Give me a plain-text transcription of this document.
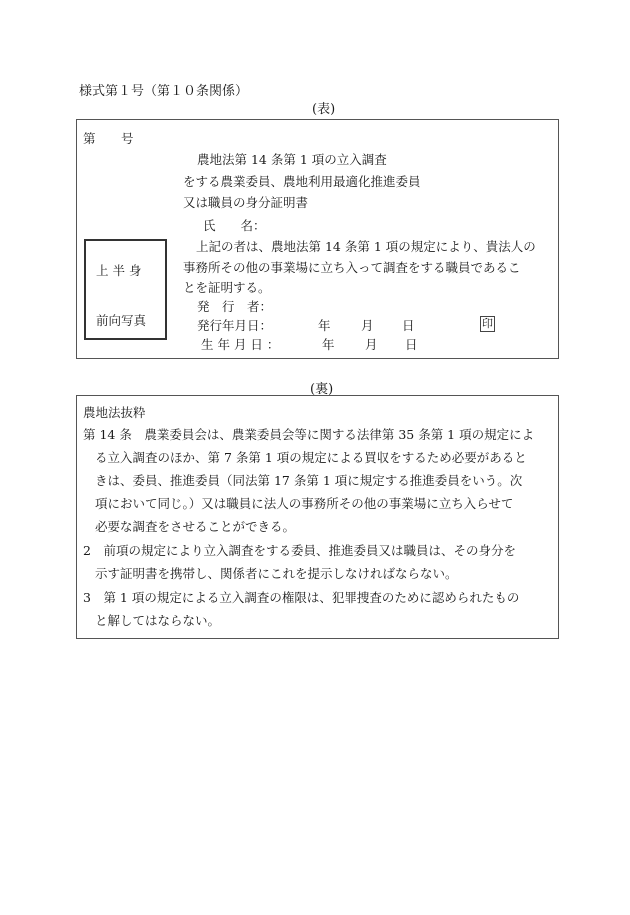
様式第１号（第１０条関係）
(表)
第 号
農地法第 14 条第 1 項の立入調査
をする農業委員、農地利用最適化推進委員
又は職員の身分証明書
氏　　名：
上記の者は、農地法第 14 条第 1 項の規定により、貴法人の
事務所その他の事業場に立ち入って調査をする職員であるこ
とを証明する。
発　行　者：
発行年月日：	年 月 日	印
生 年 月 日 ：	年 月 日
上 半 身
前向写真
(裏)
農地法抜粋
第 14 条　農業委員会は、農業委員会等に関する法律第 35 条第 1 項の規定によ
る立入調査のほか、第 7 条第 1 項の規定による買収をするため必要があると
きは、委員、推進委員（同法第 17 条第 1 項に規定する推進委員をいう。次
項において同じ。）又は職員に法人の事務所その他の事業場に立ち入らせて
必要な調査をさせることができる。
2　前項の規定により立入調査をする委員、推進委員又は職員は、その身分を
示す証明書を携帯し、関係者にこれを提示しなければならない。
3　第 1 項の規定による立入調査の権限は、犯罪捜査のために認められたもの
と解してはならない。
